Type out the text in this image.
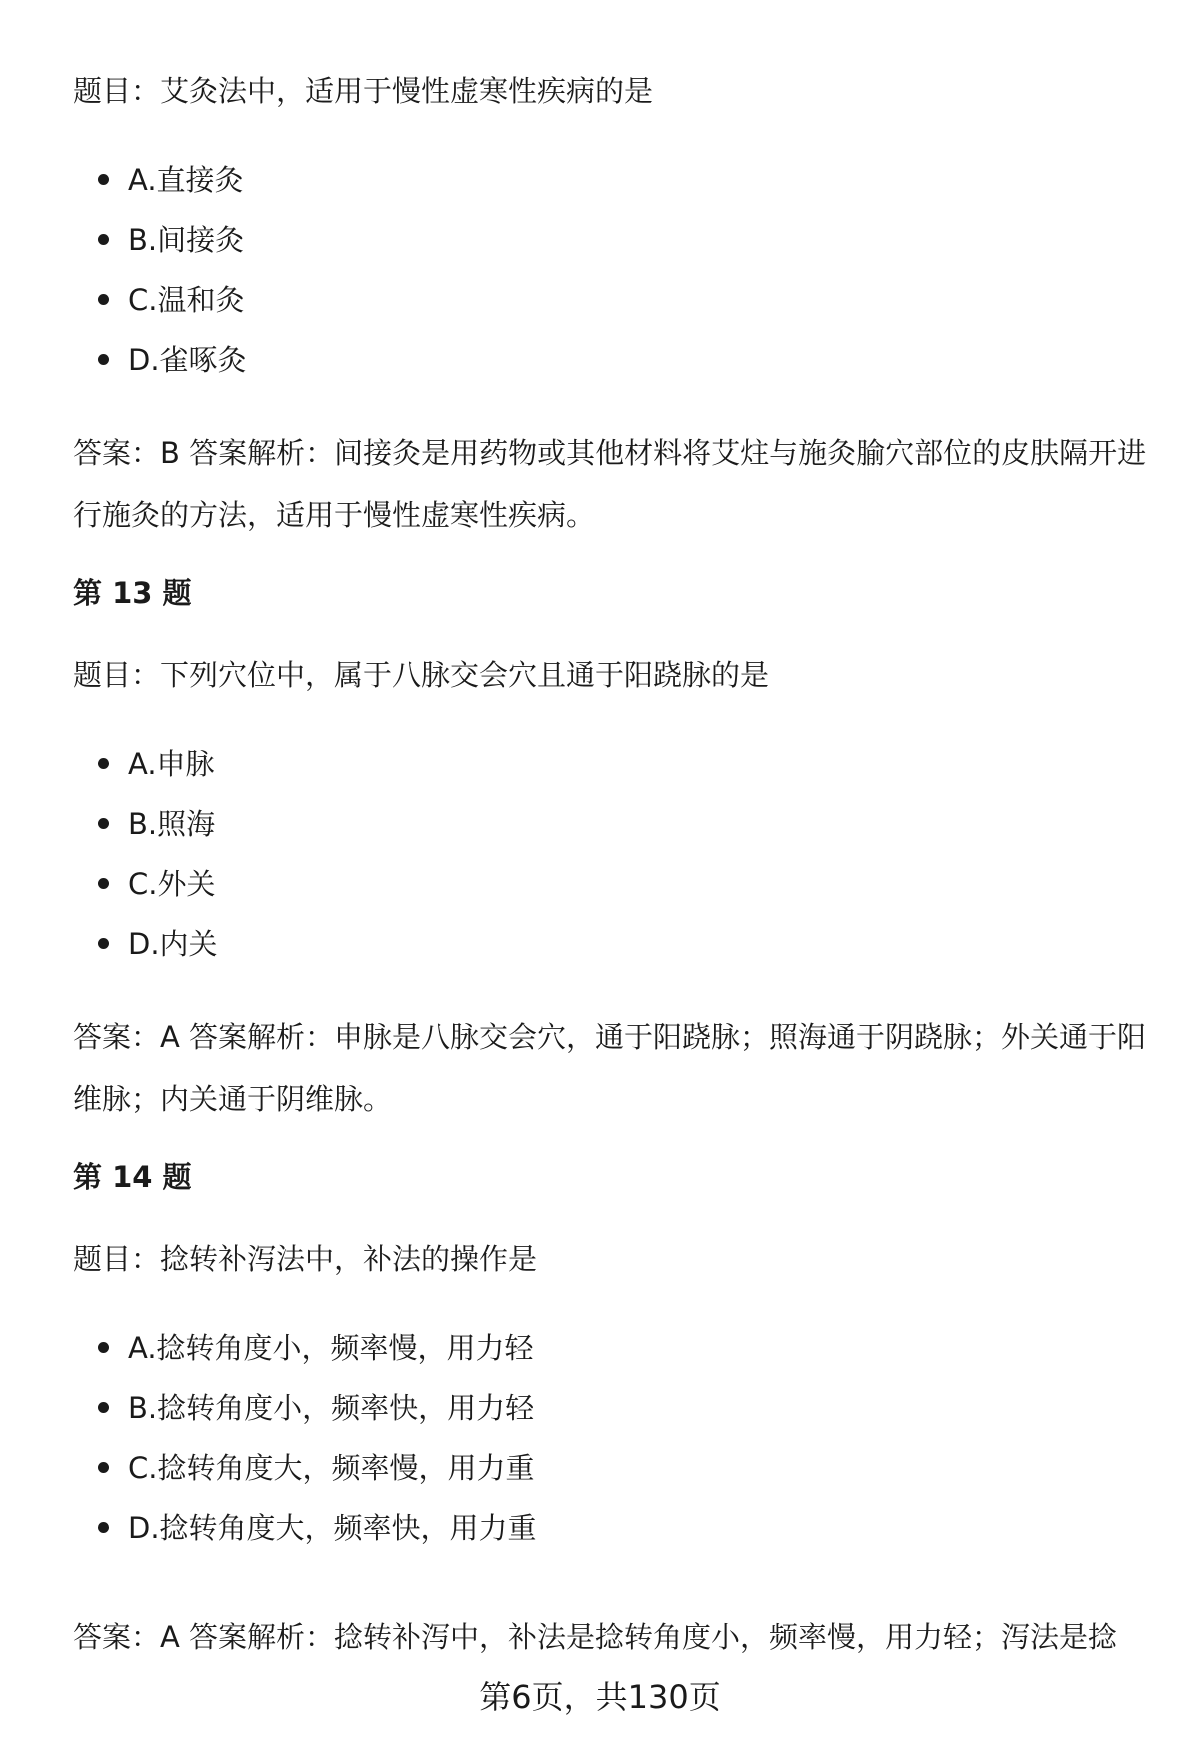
题目：艾灸法中，适用于慢性虚寒性疾病的是

A.直接灸
B.间接灸
C.温和灸
D.雀啄灸

答案：B 答案解析：间接灸是用药物或其他材料将艾炷与施灸腧穴部位的皮肤隔开进行施灸的方法，适用于慢性虚寒性疾病。

第 13 题

题目：下列穴位中，属于八脉交会穴且通于阳跷脉的是

A.申脉
B.照海
C.外关
D.内关

答案：A 答案解析：申脉是八脉交会穴，通于阳跷脉；照海通于阴跷脉；外关通于阳维脉；内关通于阴维脉。

第 14 题

题目：捻转补泻法中，补法的操作是

A.捻转角度小，频率慢，用力轻
B.捻转角度小，频率快，用力轻
C.捻转角度大，频率慢，用力重
D.捻转角度大，频率快，用力重
答案：A 答案解析：捻转补泻中，补法是捻转角度小，频率慢，用力轻；泻法是捻
第6页，共130页
